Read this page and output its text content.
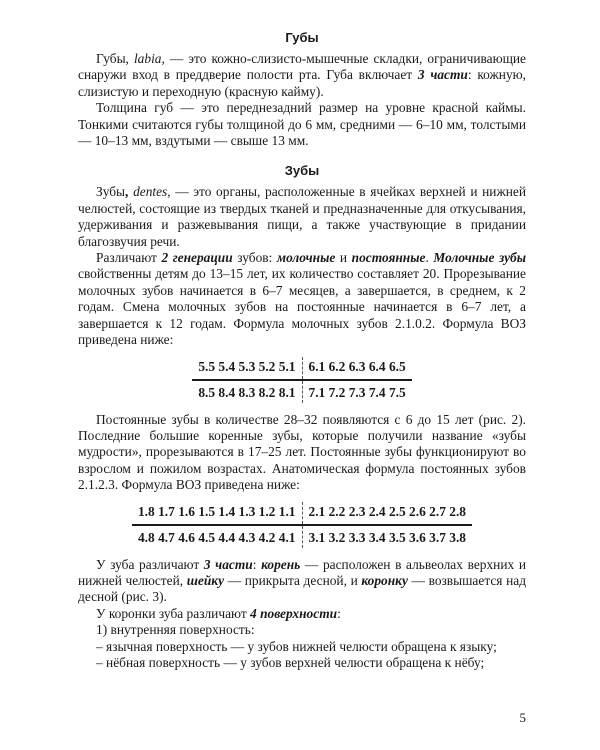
Губы

Губы, labia, — это кожно-слизисто-мышечные складки, ограничивающие снаружи вход в преддверие полости рта. Губа включает 3 части: кожную, слизистую и переходную (красную кайму).

Толщина губ — это переднезадний размер на уровне красной каймы. Тонкими считаются губы толщиной до 6 мм, средними — 6–10 мм, толстыми — 10–13 мм, вздутыми — свыше 13 мм.

Зубы

Зубы, dentes, — это органы, расположенные в ячейках верхней и нижней челюстей, состоящие из твердых тканей и предназначенные для откусывания, удерживания и разжевывания пищи, а также участвующие в придании благозвучия речи.

Различают 2 генерации зубов: молочные и постоянные. Молочные зубы свойственны детям до 13–15 лет, их количество составляет 20. Прорезывание молочных зубов начинается в 6–7 месяцев, а завершается, в среднем, к 2 годам. Смена молочных зубов на постоянные начинается в 6–7 лет, а завершается к 12 годам. Формула молочных зубов 2.1.0.2. Формула ВОЗ приведена ниже:

5.5 5.4 5.3 5.2 5.1	6.1 6.2 6.3 6.4 6.5
8.5 8.4 8.3 8.2 8.1	7.1 7.2 7.3 7.4 7.5

Постоянные зубы в количестве 28–32 появляются с 6 до 15 лет (рис. 2). Последние большие коренные зубы, которые получили название «зубы мудрости», прорезываются в 17–25 лет. Постоянные зубы функционируют во взрослом и пожилом возрастах. Анатомическая формула постоянных зубов 2.1.2.3. Формула ВОЗ приведена ниже:

1.8 1.7 1.6 1.5 1.4 1.3 1.2 1.1	2.1 2.2 2.3 2.4 2.5 2.6 2.7 2.8
4.8 4.7 4.6 4.5 4.4 4.3 4.2 4.1	3.1 3.2 3.3 3.4 3.5 3.6 3.7 3.8

У зуба различают 3 части: корень — расположен в альвеолах верхних и нижней челюстей, шейку — прикрыта десной, и коронку — возвышается над десной (рис. 3).

У коронки зуба различают 4 поверхности:

1) внутренняя поверхность:

– язычная поверхность — у зубов нижней челюсти обращена к языку;

– нёбная поверхность — у зубов верхней челюсти обращена к нёбу;

5
